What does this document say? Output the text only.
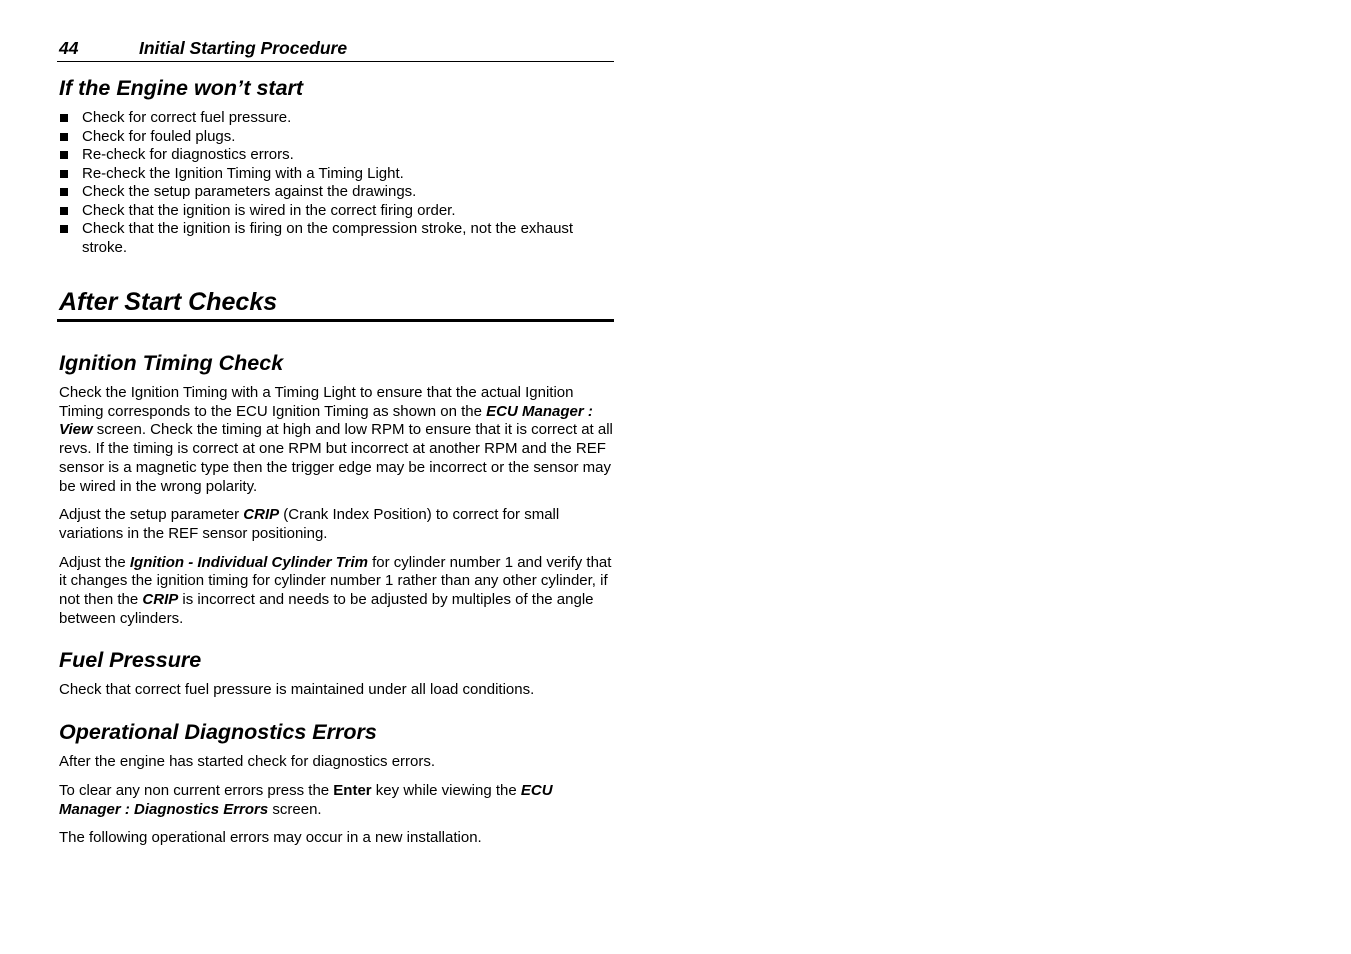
44	Initial Starting Procedure
If the Engine won’t start
Check for correct fuel pressure.
Check for fouled plugs.
Re-check for diagnostics errors.
Re-check the Ignition Timing with a Timing Light.
Check the setup parameters against the drawings.
Check that the ignition is wired in the correct firing order.
Check that the ignition is firing on the compression stroke, not the exhaust stroke.
After Start Checks
Ignition Timing Check

Check the Ignition Timing with a Timing Light to ensure that the actual Ignition Timing corresponds to the ECU Ignition Timing as shown on the ECU Manager : View screen. Check the timing at high and low RPM to ensure that it is correct at all revs. If the timing is correct at one RPM but incorrect at another RPM and the REF sensor is a magnetic type then the trigger edge may be incorrect or the sensor may be wired in the wrong polarity.

Adjust the setup parameter CRIP (Crank Index Position) to correct for small variations in the REF sensor positioning.

Adjust the Ignition - Individual Cylinder Trim for cylinder number 1 and verify that it changes the ignition timing for cylinder number 1 rather than any other cylinder, if not then the CRIP is incorrect and needs to be adjusted by multiples of the angle between cylinders.

Fuel Pressure

Check that correct fuel pressure is maintained under all load conditions.

Operational Diagnostics Errors

After the engine has started check for diagnostics errors.

To clear any non current errors press the Enter key while viewing the ECU Manager : Diagnostics Errors screen.

The following operational errors may occur in a new installation.
